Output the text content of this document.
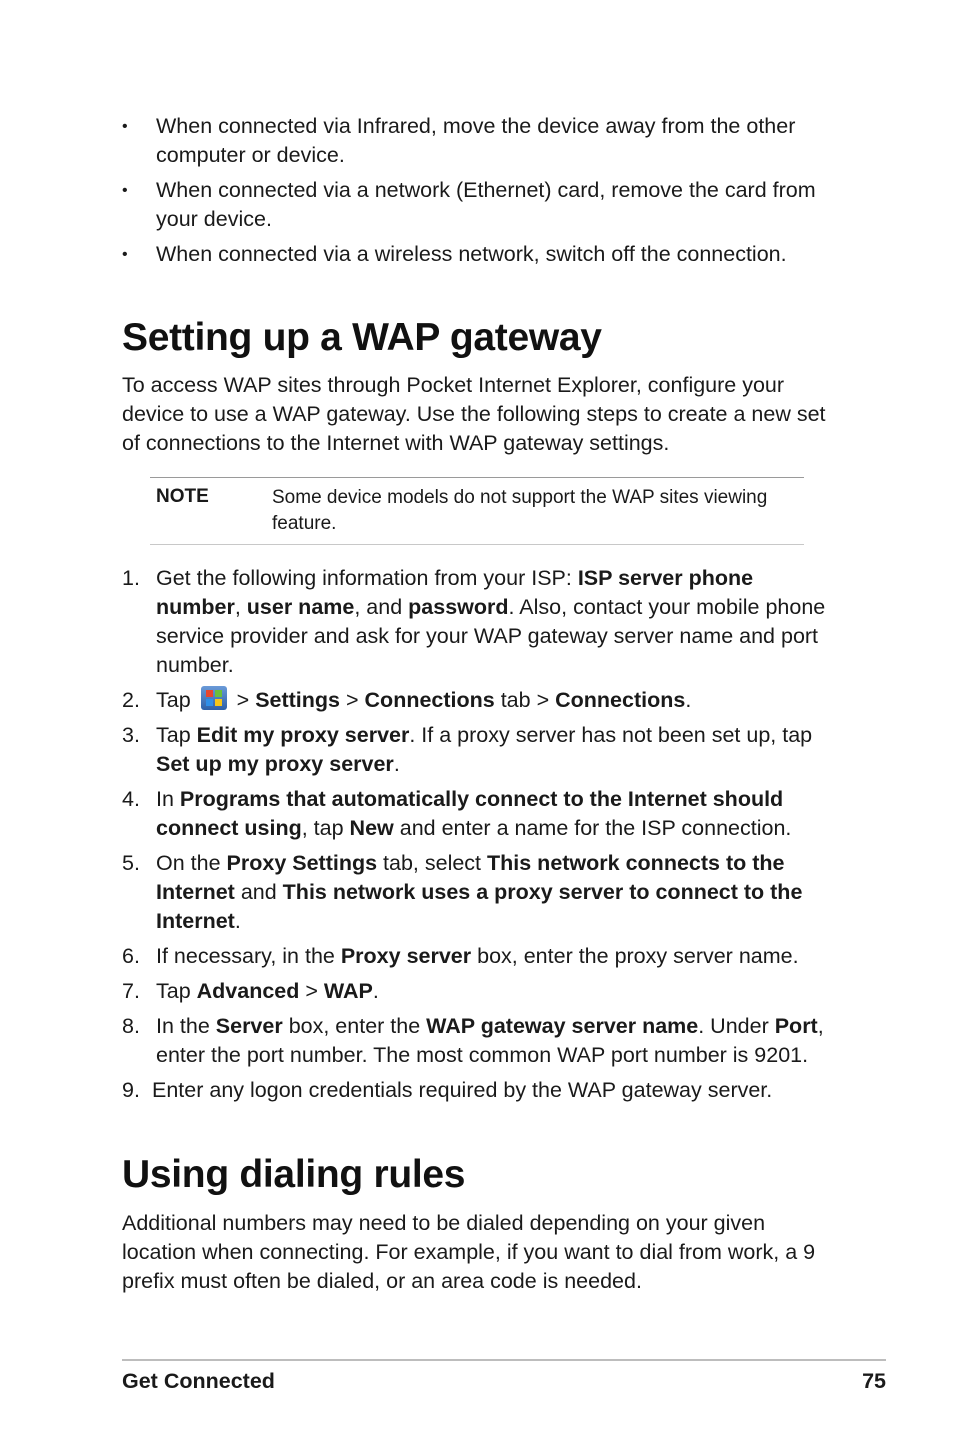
• When connected via Infrared, move the device away from the other computer or device.
• When connected via a network (Ethernet) card, remove the card from your device.
• When connected via a wireless network, switch off the connection.
Setting up a WAP gateway

To access WAP sites through Pocket Internet Explorer, configure your device to use a WAP gateway. Use the following steps to create a new set of connections to the Internet with WAP gateway settings.

NOTE	Some device models do not support the WAP sites viewing feature.
1. Get the following information from your ISP: ISP server phone number, user name, and password. Also, contact your mobile phone service provider and ask for your WAP gateway server name and port number.
2. Tap
> Settings > Connections tab > Connections.
3. Tap Edit my proxy server. If a proxy server has not been set up, tap Set up my proxy server.
4. In Programs that automatically connect to the Internet should connect using, tap New and enter a name for the ISP connection.
5. On the Proxy Settings tab, select This network connects to the Internet and This network uses a proxy server to connect to the Internet.
6. If necessary, in the Proxy server box, enter the proxy server name.
7. Tap Advanced > WAP.
8. In the Server box, enter the WAP gateway server name. Under Port, enter the port number. The most common WAP port number is 9201.
9. Enter any logon credentials required by the WAP gateway server.
Using dialing rules

Additional numbers may need to be dialed depending on your given location when connecting. For example, if you want to dial from work, a 9 prefix must often be dialed, or an area code is needed.

Get Connected	75
